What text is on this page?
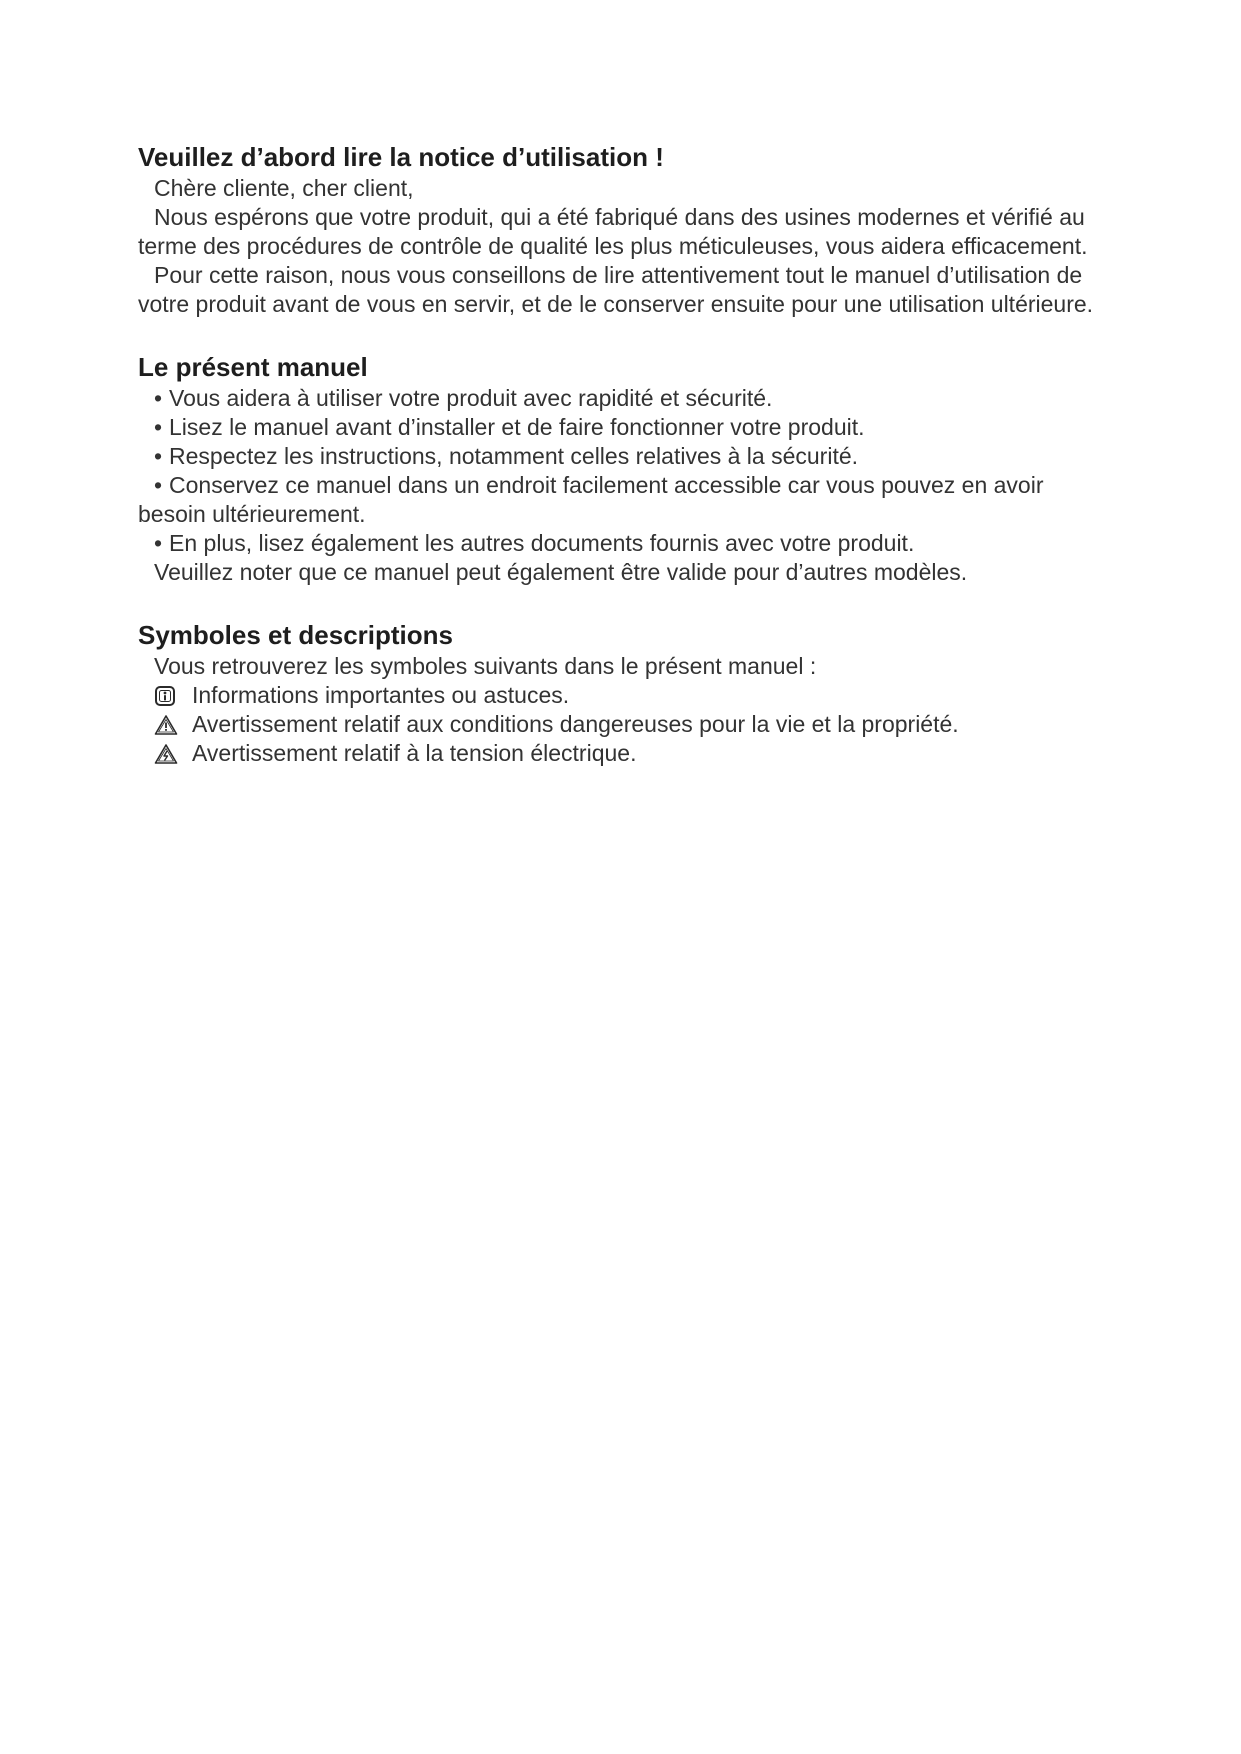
Veuillez d’abord lire la notice d’utilisation !

Chère cliente, cher client,

Nous espérons que votre produit, qui a été fabriqué dans des usines modernes et vérifié au terme des procédures de contrôle de qualité les plus méticuleuses, vous aidera efficacement.

Pour cette raison, nous vous conseillons de lire attentivement tout le manuel d’utilisation de votre produit avant de vous en servir, et de le conserver ensuite pour une utilisation ultérieure.

Le présent manuel

• Vous aidera à utiliser votre produit avec rapidité et sécurité.

• Lisez le manuel avant d’installer et de faire fonctionner votre produit.

• Respectez les instructions, notamment celles relatives à la sécurité.

• Conservez ce manuel dans un endroit facilement accessible car vous pouvez en avoir besoin ultérieurement.

• En plus, lisez également les autres documents fournis avec votre produit.

Veuillez noter que ce manuel peut également être valide pour d’autres modèles.

Symboles et descriptions

Vous retrouverez les symboles suivants dans le présent manuel :

Informations importantes ou astuces.
Avertissement relatif aux conditions dangereuses pour la vie et la propriété.
Avertissement relatif à la tension électrique.
